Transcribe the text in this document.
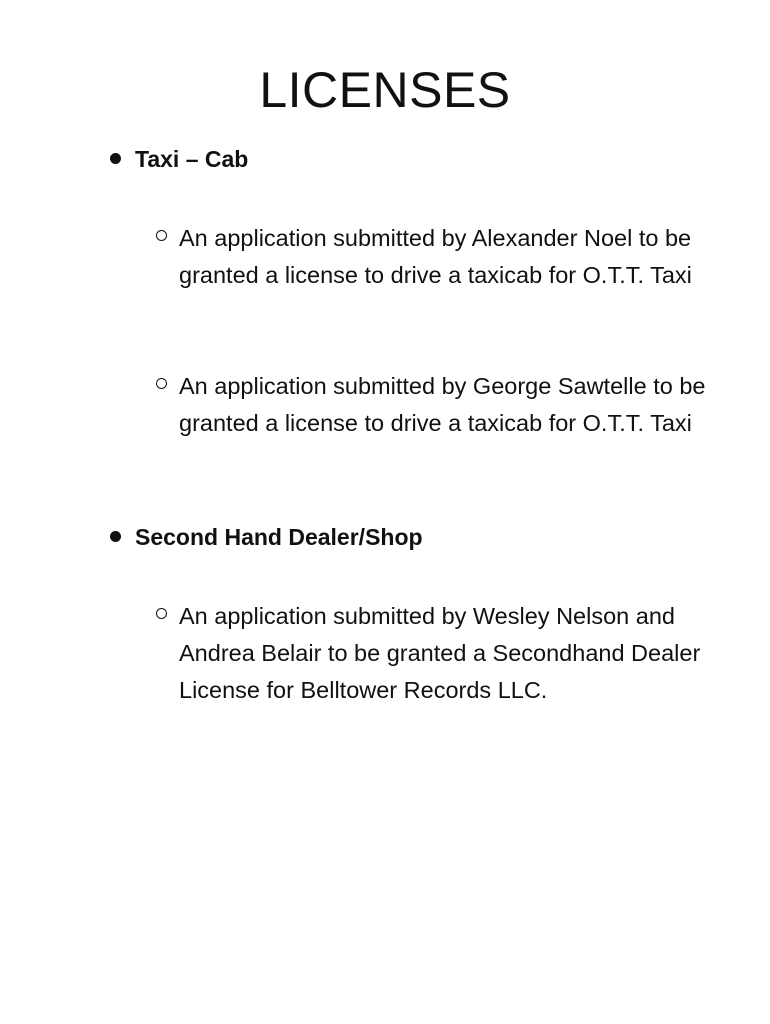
LICENSES
Taxi – Cab

An application submitted by Alexander Noel to be granted a license to drive a taxicab for O.T.T. Taxi

An application submitted by George Sawtelle to be granted a license to drive a taxicab for O.T.T. Taxi

Second Hand Dealer/Shop

An application submitted by Wesley Nelson and Andrea Belair to be granted a Secondhand Dealer License for Belltower Records LLC.
